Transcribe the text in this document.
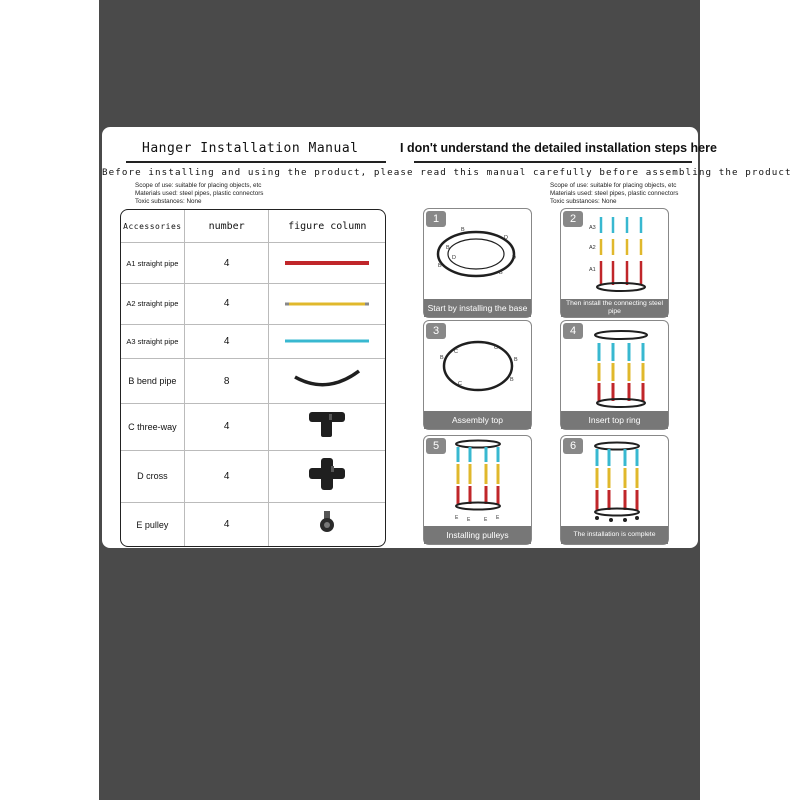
Hanger Installation Manual	I don't understand the detailed installation steps here
Before installing and using the product, please read this manual carefully before assembling the product
Scope of use: suitable for placing objects, etc
Materials used: steel pipes, plastic connectors
Toxic substances: None
Scope of use: suitable for placing objects, etc
Materials used: steel pipes, plastic connectors
Toxic substances: None
Accessories	number	figure column
A1 straight pipe	4	
A2 straight pipe	4	
A3 straight pipe	4	
B bend pipe	8	
C three-way	4	
D cross	4	
E pulley	4	
1
B
B
D
D
B
B
D
Start by installing the base
2
A3
A2
A1
Then install the connecting steel pipe
3
C
C
C
B
B
B
Assembly top
4
Insert top ring
5
E E	E E
Installing pulleys
6
The installation is complete
